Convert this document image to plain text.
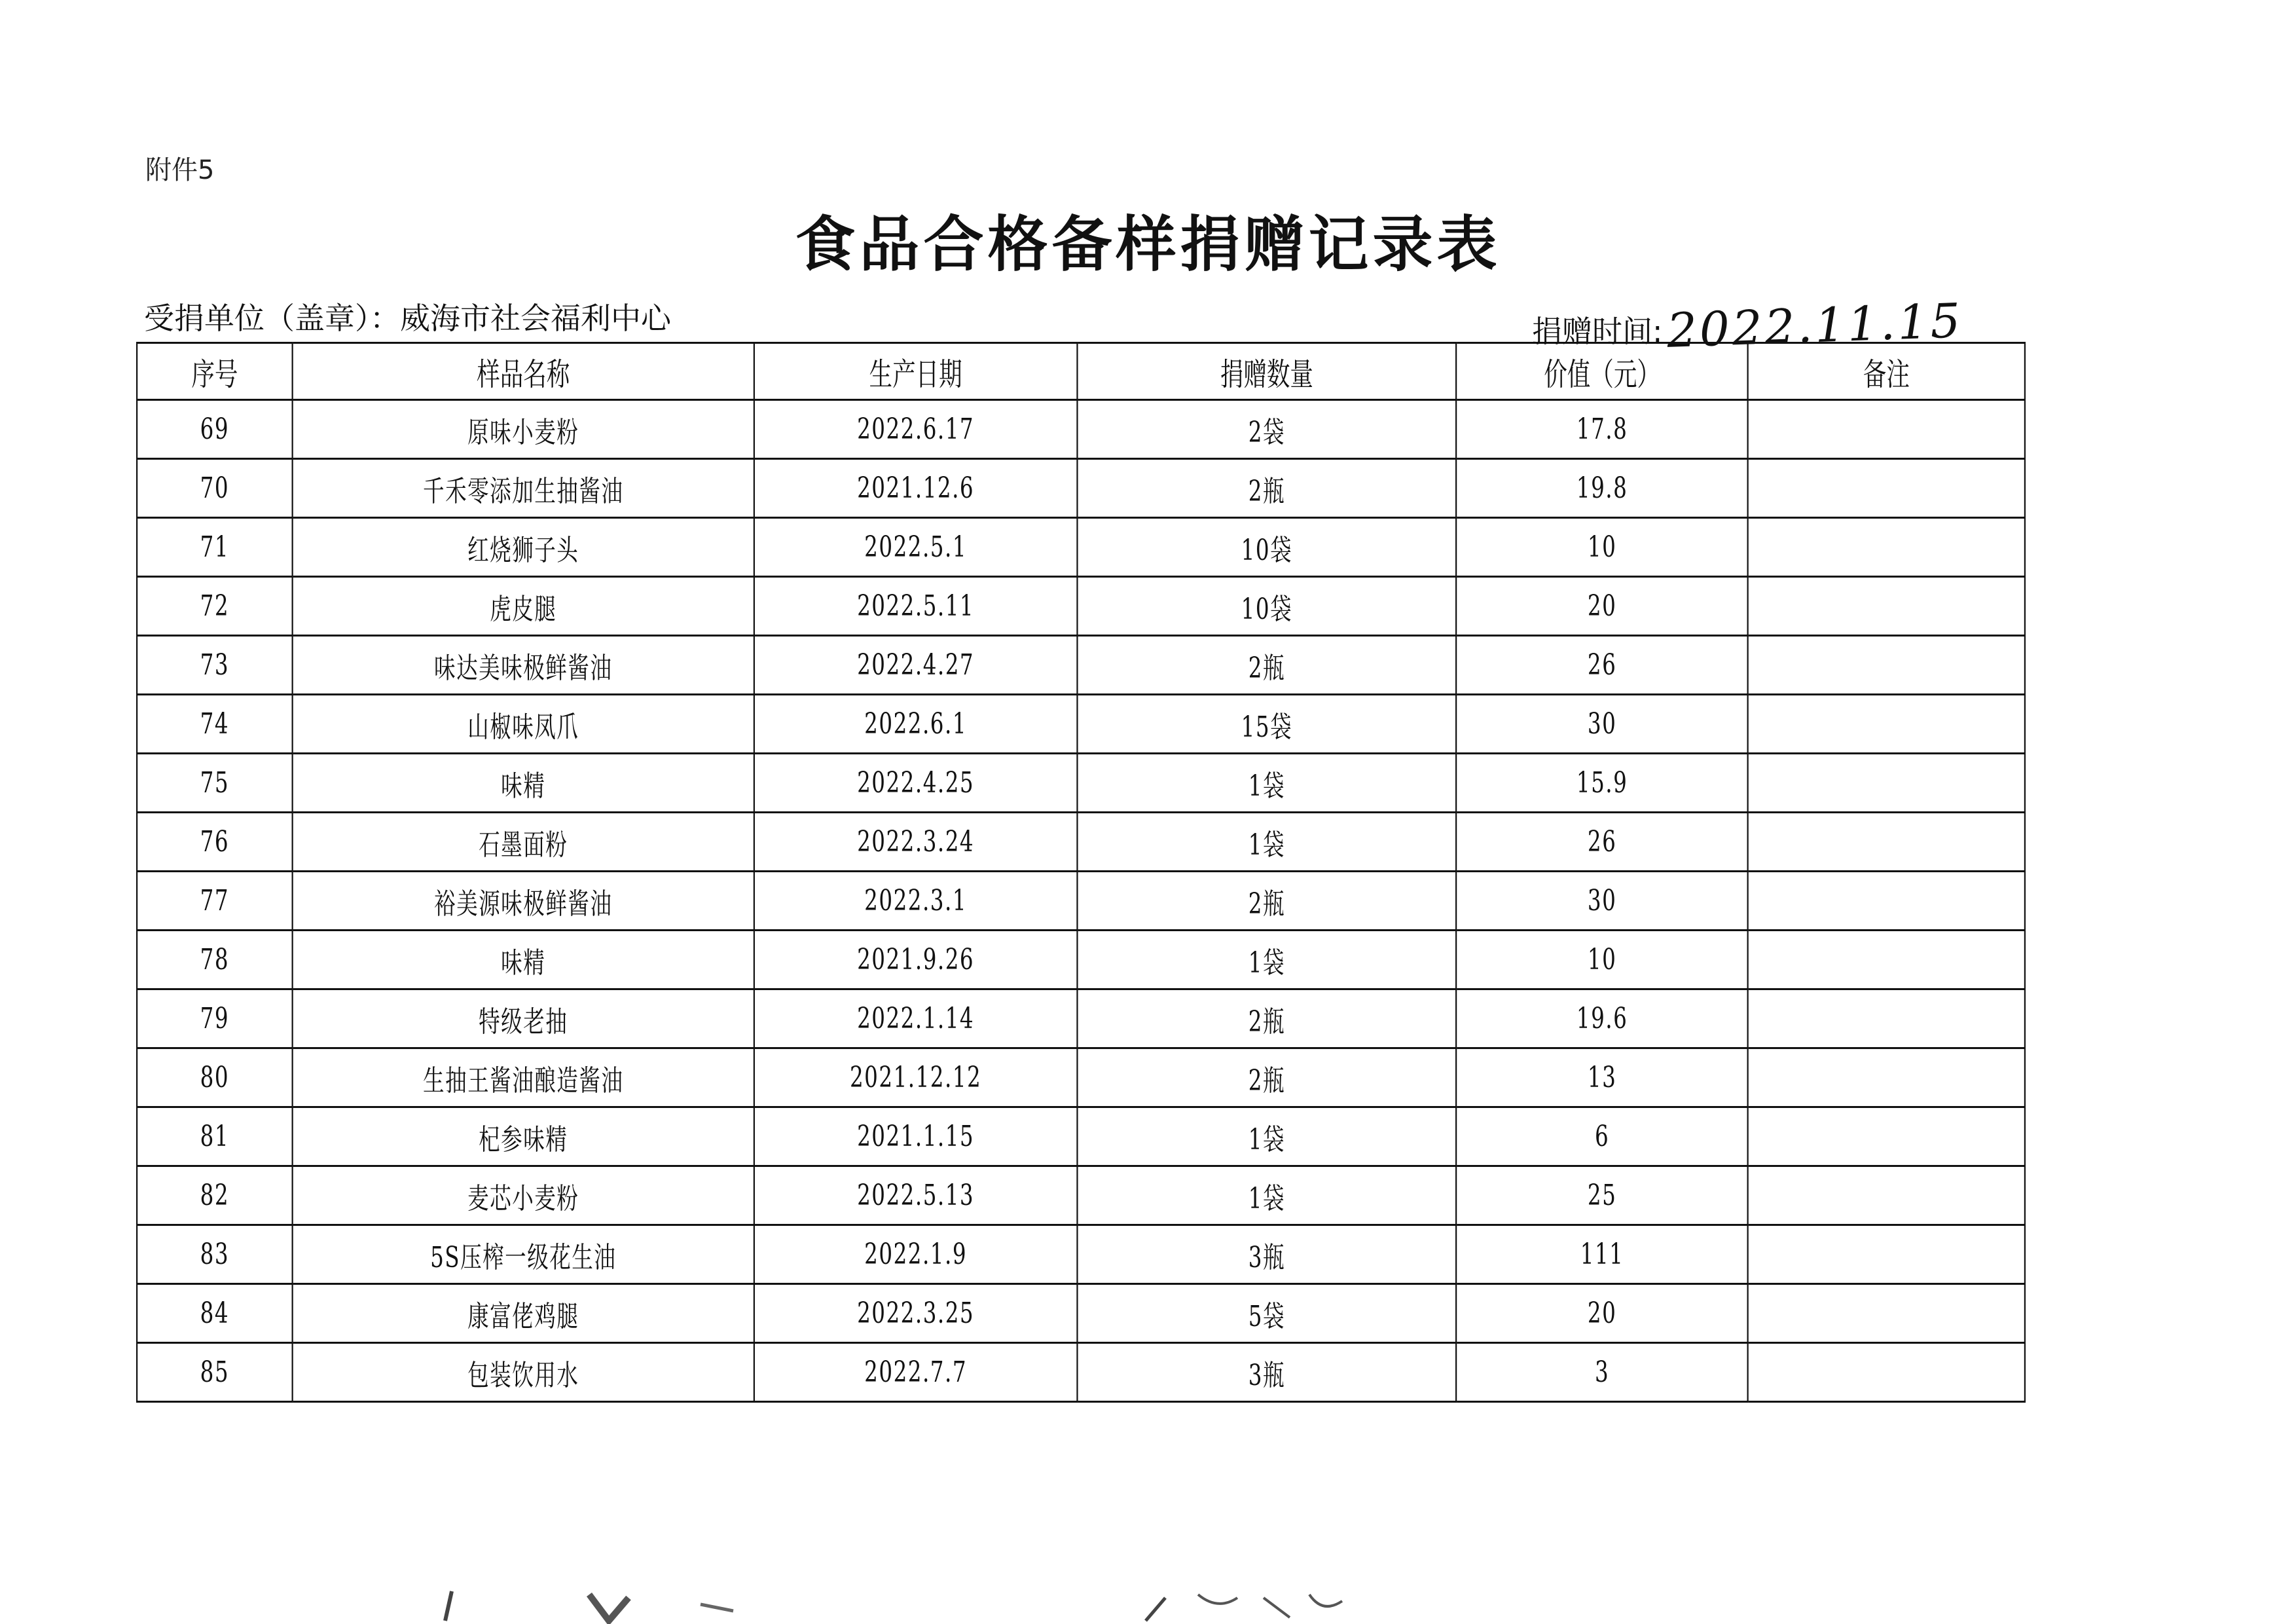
附件5
食品合格备样捐赠记录表
受捐单位（盖章）：威海市社会福利中心	捐赠时间: 2022.11.15
序号	样品名称	生产日期	捐赠数量	价值（元）	备注
69	原味小麦粉	2022.6.17	2袋	17.8	
70	千禾零添加生抽酱油	2021.12.6	2瓶	19.8	
71	红烧狮子头	2022.5.1	10袋	10	
72	虎皮腿	2022.5.11	10袋	20	
73	味达美味极鲜酱油	2022.4.27	2瓶	26	
74	山椒味凤爪	2022.6.1	15袋	30	
75	味精	2022.4.25	1袋	15.9	
76	石墨面粉	2022.3.24	1袋	26	
77	裕美源味极鲜酱油	2022.3.1	2瓶	30	
78	味精	2021.9.26	1袋	10	
79	特级老抽	2022.1.14	2瓶	19.6	
80	生抽王酱油酿造酱油	2021.12.12	2瓶	13	
81	杞参味精	2021.1.15	1袋	6	
82	麦芯小麦粉	2022.5.13	1袋	25	
83	5S压榨一级花生油	2022.1.9	3瓶	111	
84	康富佬鸡腿	2022.3.25	5袋	20	
85	包装饮用水	2022.7.7	3瓶	3	
